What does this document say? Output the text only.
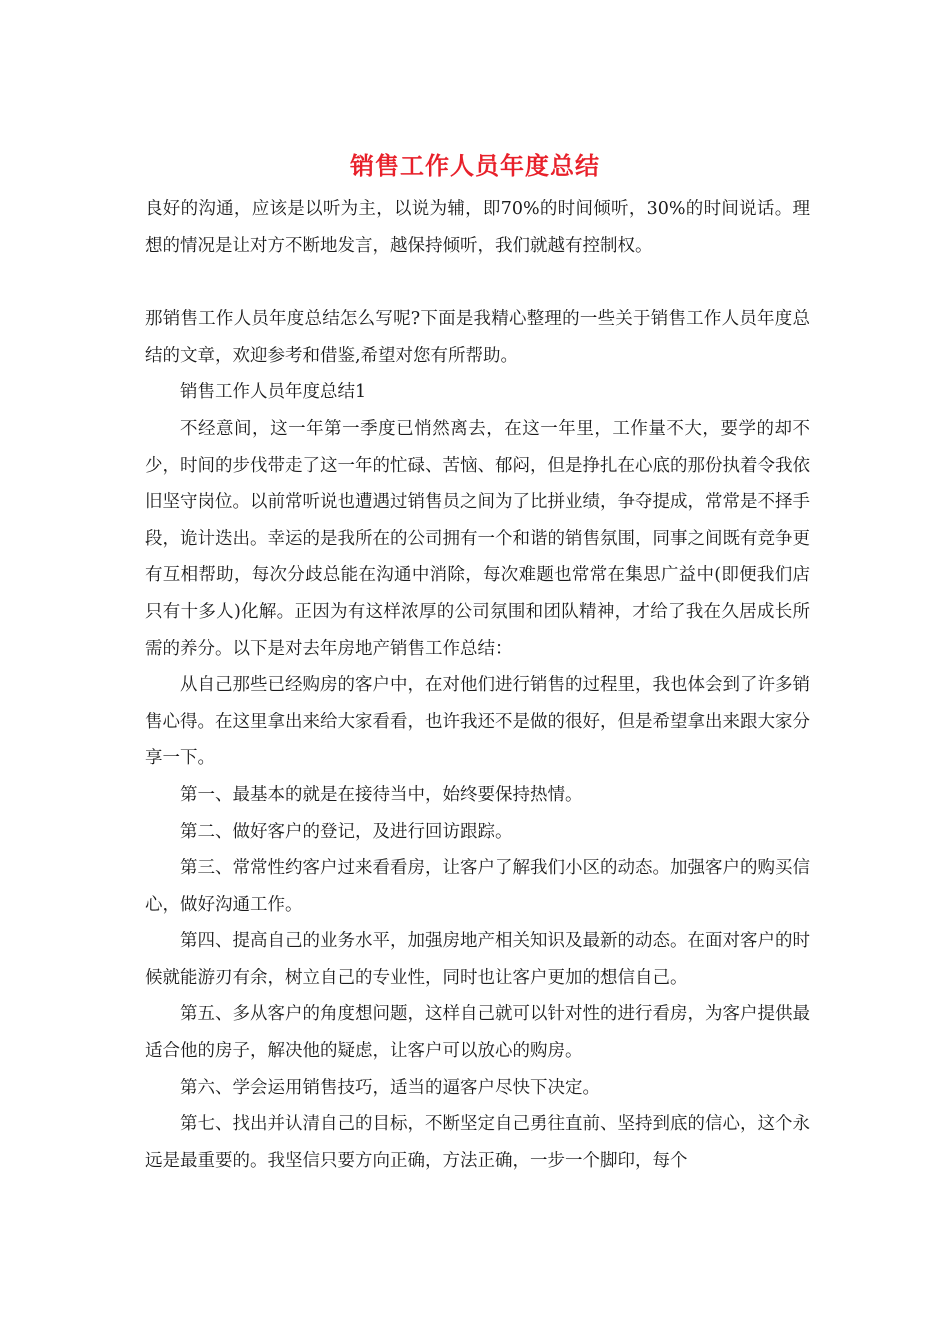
销售工作人员年度总结

良好的沟通，应该是以听为主，以说为辅，即70%的时间倾听，30%的时间说话。理想的情况是让对方不断地发言，越保持倾听，我们就越有控制权。

那销售工作人员年度总结怎么写呢?下面是我精心整理的一些关于销售工作人员年度总结的文章，欢迎参考和借鉴,希望对您有所帮助。

销售工作人员年度总结1

不经意间，这一年第一季度已悄然离去，在这一年里，工作量不大，要学的却不少，时间的步伐带走了这一年的忙碌、苦恼、郁闷，但是挣扎在心底的那份执着令我依旧坚守岗位。以前常听说也遭遇过销售员之间为了比拼业绩，争夺提成，常常是不择手段，诡计迭出。幸运的是我所在的公司拥有一个和谐的销售氛围，同事之间既有竞争更有互相帮助，每次分歧总能在沟通中消除，每次难题也常常在集思广益中(即便我们店只有十多人)化解。正因为有这样浓厚的公司氛围和团队精神，才给了我在久居成长所需的养分。以下是对去年房地产销售工作总结：

从自己那些已经购房的客户中，在对他们进行销售的过程里，我也体会到了许多销售心得。在这里拿出来给大家看看，也许我还不是做的很好，但是希望拿出来跟大家分享一下。

第一、最基本的就是在接待当中，始终要保持热情。

第二、做好客户的登记，及进行回访跟踪。

第三、常常性约客户过来看看房，让客户了解我们小区的动态。加强客户的购买信心，做好沟通工作。

第四、提高自己的业务水平，加强房地产相关知识及最新的动态。在面对客户的时候就能游刃有余，树立自己的专业性，同时也让客户更加的想信自己。

第五、多从客户的角度想问题，这样自己就可以针对性的进行看房，为客户提供最适合他的房子，解决他的疑虑，让客户可以放心的购房。

第六、学会运用销售技巧，适当的逼客户尽快下决定。

第七、找出并认清自己的目标，不断坚定自己勇往直前、坚持到底的信心，这个永远是最重要的。我坚信只要方向正确，方法正确，一步一个脚印，每个
